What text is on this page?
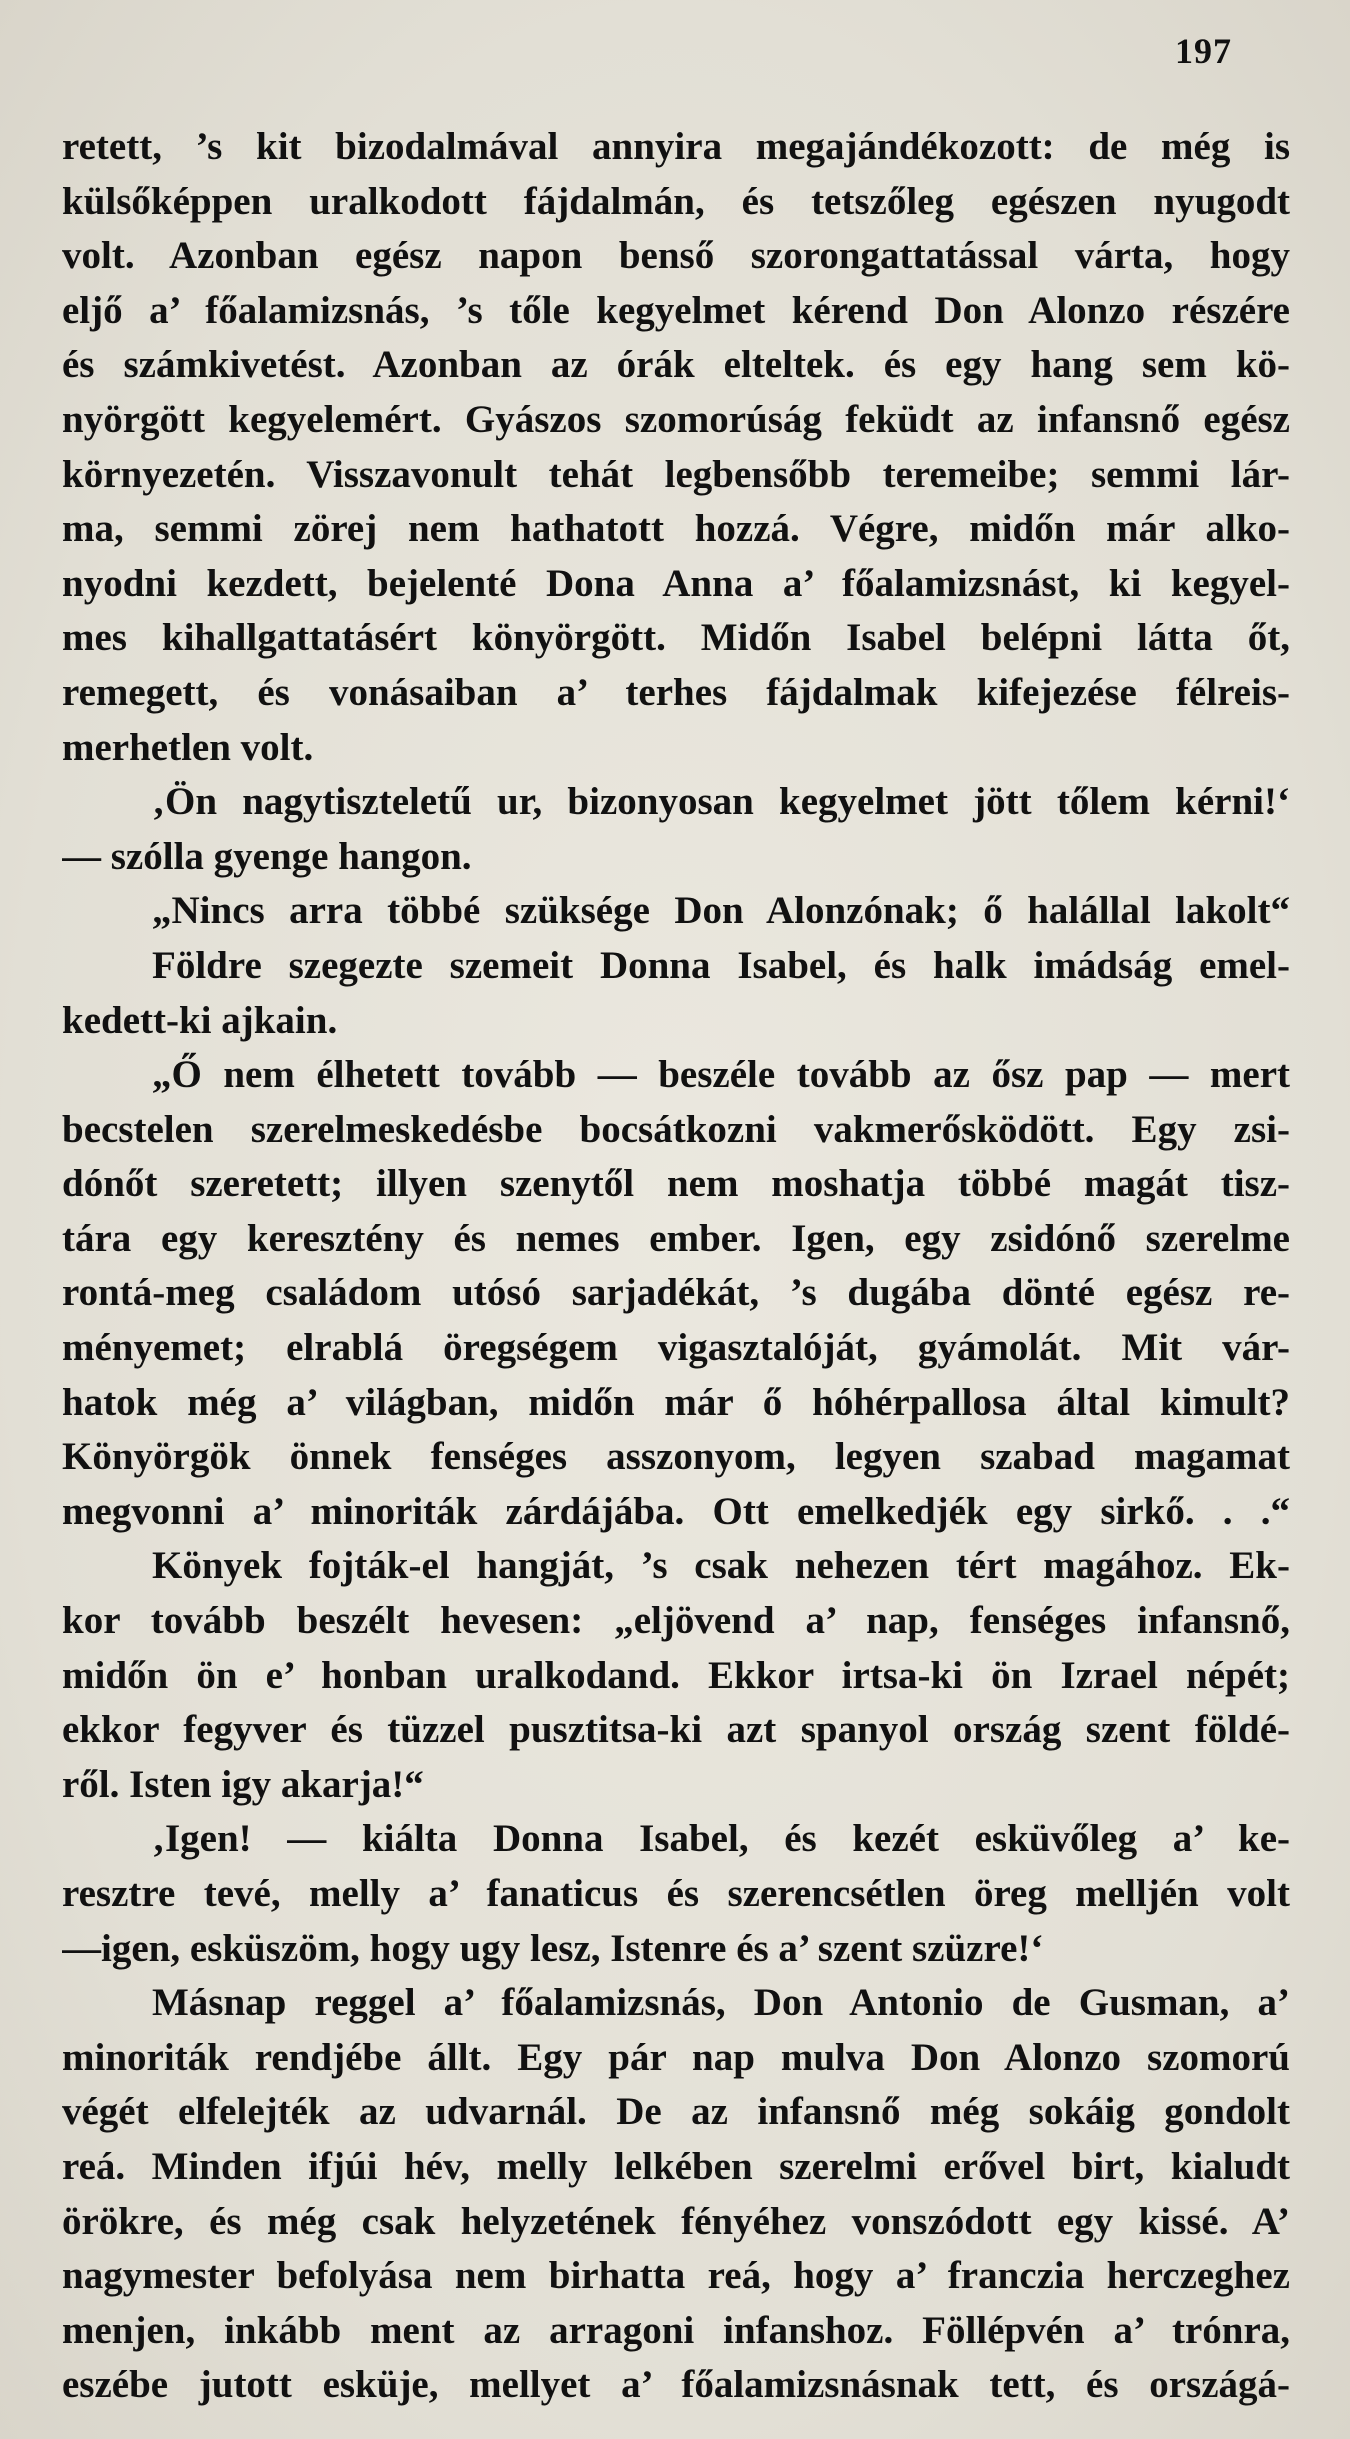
197
retett, ’s kit bizodalmával annyira megajándékozott: de még is
külsőképpen uralkodott fájdalmán, és tetszőleg egészen nyugodt
volt. Azonban egész napon benső szorongattatással várta, hogy
eljő a’ főalamizsnás, ’s tőle kegyelmet kérend Don Alonzo részére
és számkivetést. Azonban az órák elteltek. és egy hang sem kö-
nyörgött kegyelemért. Gyászos szomorúság feküdt az infansnő egész
környezetén. Visszavonult tehát legbensőbb teremeibe; semmi lár-
ma, semmi zörej nem hathatott hozzá. Végre, midőn már alko-
nyodni kezdett, bejelenté Dona Anna a’ főalamizsnást, ki kegyel-
mes kihallgattatásért könyörgött. Midőn Isabel belépni látta őt,
remegett, és vonásaiban a’ terhes fájdalmak kifejezése félreis-
merhetlen volt.
‚Ön nagytiszteletű ur, bizonyosan kegyelmet jött tőlem kérni!‘
— szólla gyenge hangon.
„Nincs arra többé szüksége Don Alonzónak; ő halállal lakolt“
Földre szegezte szemeit Donna Isabel, és halk imádság emel-
kedett-ki ajkain.
„Ő nem élhetett tovább — beszéle tovább az ősz pap — mert
becstelen szerelmeskedésbe bocsátkozni vakmerősködött. Egy zsi-
dónőt szeretett; illyen szenytől nem moshatja többé magát tisz-
tára egy keresztény és nemes ember. Igen, egy zsidónő szerelme
rontá-meg családom utósó sarjadékát, ’s dugába dönté egész re-
ményemet; elrablá öregségem vigasztalóját, gyámolát. Mit vár-
hatok még a’ világban, midőn már ő hóhérpallosa által kimult?
Könyörgök önnek fenséges asszonyom, legyen szabad magamat
megvonni a’ minoriták zárdájába. Ott emelkedjék egy sirkő. . .“
Könyek fojták-el hangját, ’s csak nehezen tért magához. Ek-
kor tovább beszélt hevesen: „eljövend a’ nap, fenséges infansnő,
midőn ön e’ honban uralkodand. Ekkor irtsa-ki ön Izrael népét;
ekkor fegyver és tüzzel pusztitsa-ki azt spanyol ország szent földé-
ről. Isten igy akarja!“
‚Igen! — kiálta Donna Isabel, és kezét esküvőleg a’ ke-
resztre tevé, melly a’ fanaticus és szerencsétlen öreg melljén volt
—igen, esküszöm, hogy ugy lesz, Istenre és a’ szent szüzre!‘
Másnap reggel a’ főalamizsnás, Don Antonio de Gusman, a’
minoriták rendjébe állt. Egy pár nap mulva Don Alonzo szomorú
végét elfelejték az udvarnál. De az infansnő még sokáig gondolt
reá. Minden ifjúi hév, melly lelkében szerelmi erővel birt, kialudt
örökre, és még csak helyzetének fényéhez vonszódott egy kissé. A’
nagymester befolyása nem birhatta reá, hogy a’ franczia herczeghez
menjen, inkább ment az arragoni infanshoz. Föllépvén a’ trónra,
eszébe jutott esküje, mellyet a’ főalamizsnásnak tett, és országá-
